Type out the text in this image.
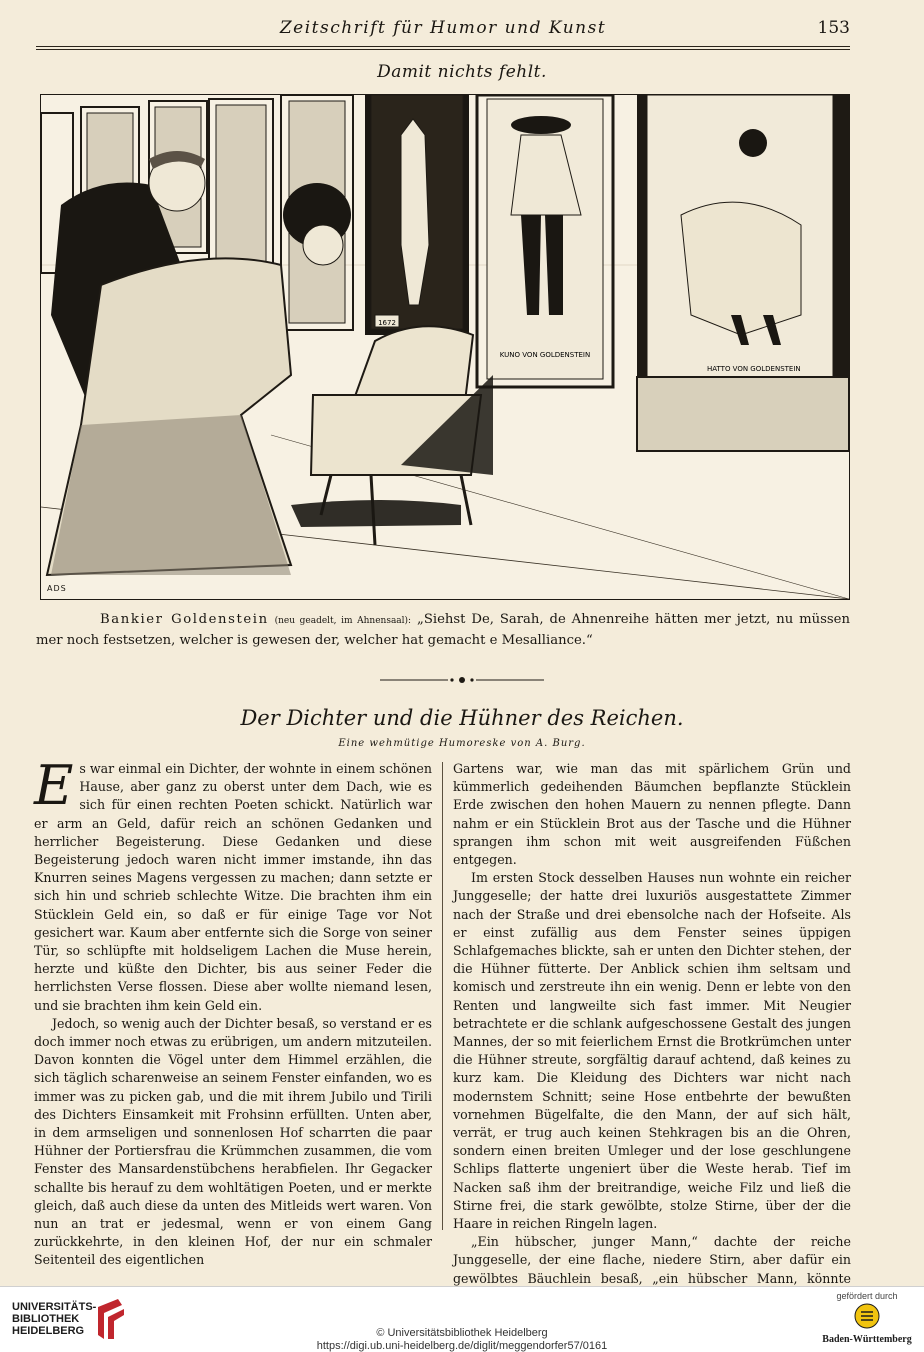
Zeitschrift für Humor und Kunst	153
Damit nichts fehlt.
1672
KUNO VON GOLDENSTEIN
HATTO VON GOLDENSTEIN
ADS

Bankier Goldenstein (neu geadelt, im Ahnensaal): „Siehst De, Sarah, de Ahnenreihe hätten mer jetzt, nu müssen mer noch festsetzen, welcher is gewesen der, welcher hat gemacht e Mesalliance.“

Der Dichter und die Hühner des Reichen.
Eine wehmütige Humoreske von A. Burg.

Es war einmal ein Dichter, der wohnte in einem schönen Hause, aber ganz zu oberst unter dem Dach, wie es sich für einen rechten Poeten schickt. Natürlich war er arm an Geld, dafür reich an schönen Gedanken und herrlicher Begeisterung. Diese Gedanken und diese Begeisterung jedoch waren nicht immer imstande, ihn das Knurren seines Magens vergessen zu machen; dann setzte er sich hin und schrieb schlechte Witze. Die brachten ihm ein Stücklein Geld ein, so daß er für einige Tage vor Not gesichert war. Kaum aber entfernte sich die Sorge von seiner Tür, so schlüpfte mit holdseligem Lachen die Muse herein, herzte und küßte den Dichter, bis aus seiner Feder die herrlichsten Verse flossen. Diese aber wollte niemand lesen, und sie brachten ihm kein Geld ein.

Jedoch, so wenig auch der Dichter besaß, so verstand er es doch immer noch etwas zu erübrigen, um andern mitzuteilen. Davon konnten die Vögel unter dem Himmel erzählen, die sich täglich scharenweise an seinem Fenster einfanden, wo es immer was zu picken gab, und die mit ihrem Jubilo und Tirili des Dichters Einsamkeit mit Frohsinn erfüllten. Unten aber, in dem armseligen und sonnenlosen Hof scharrten die paar Hühner der Portiersfrau die Krümmchen zusammen, die vom Fenster des Mansardenstübchens herabfielen. Ihr Gegacker schallte bis herauf zu dem wohltätigen Poeten, und er merkte gleich, daß auch diese da unten des Mitleids wert waren. Von nun an trat er jedesmal, wenn er von einem Gang zurückkehrte, in den kleinen Hof, der nur ein schmaler Seitenteil des eigentlichen

Gartens war, wie man das mit spärlichem Grün und kümmerlich gedeihenden Bäumchen bepflanzte Stücklein Erde zwischen den hohen Mauern zu nennen pflegte. Dann nahm er ein Stücklein Brot aus der Tasche und die Hühner sprangen ihm schon mit weit ausgreifenden Füßchen entgegen.

Im ersten Stock desselben Hauses nun wohnte ein reicher Junggeselle; der hatte drei luxuriös ausgestattete Zimmer nach der Straße und drei ebensolche nach der Hofseite. Als er einst zufällig aus dem Fenster seines üppigen Schlafgemaches blickte, sah er unten den Dichter stehen, der die Hühner fütterte. Der Anblick schien ihm seltsam und komisch und zerstreute ihn ein wenig. Denn er lebte von den Renten und langweilte sich fast immer. Mit Neugier betrachtete er die schlank aufgeschossene Gestalt des jungen Mannes, der so mit feierlichem Ernst die Brotkrümchen unter die Hühner streute, sorgfältig darauf achtend, daß keines zu kurz kam. Die Kleidung des Dichters war nicht nach modernstem Schnitt; seine Hose entbehrte der bewußten vornehmen Bügelfalte, die den Mann, der auf sich hält, verrät, er trug auch keinen Stehkragen bis an die Ohren, sondern einen breiten Umleger und der lose geschlungene Schlips flatterte ungeniert über die Weste herab. Tief im Nacken saß ihm der breitrandige, weiche Filz und ließ die Stirne frei, die stark gewölbte, stolze Stirne, über der die Haare in reichen Ringeln lagen.

„Ein hübscher, junger Mann,“ dachte der reiche Junggeselle, der eine flache, niedere Stirn, aber dafür ein gewölbtes Bäuchlein besaß, „ein hübscher Mann, könnte

UNIVERSITÄTS-
BIBLIOTHEK
HEIDELBERG	© Universitätsbibliothek Heidelberg
https://digi.ub.uni-heidelberg.de/diglit/meggendorfer57/0161
gefördert durch
Baden-Württemberg
